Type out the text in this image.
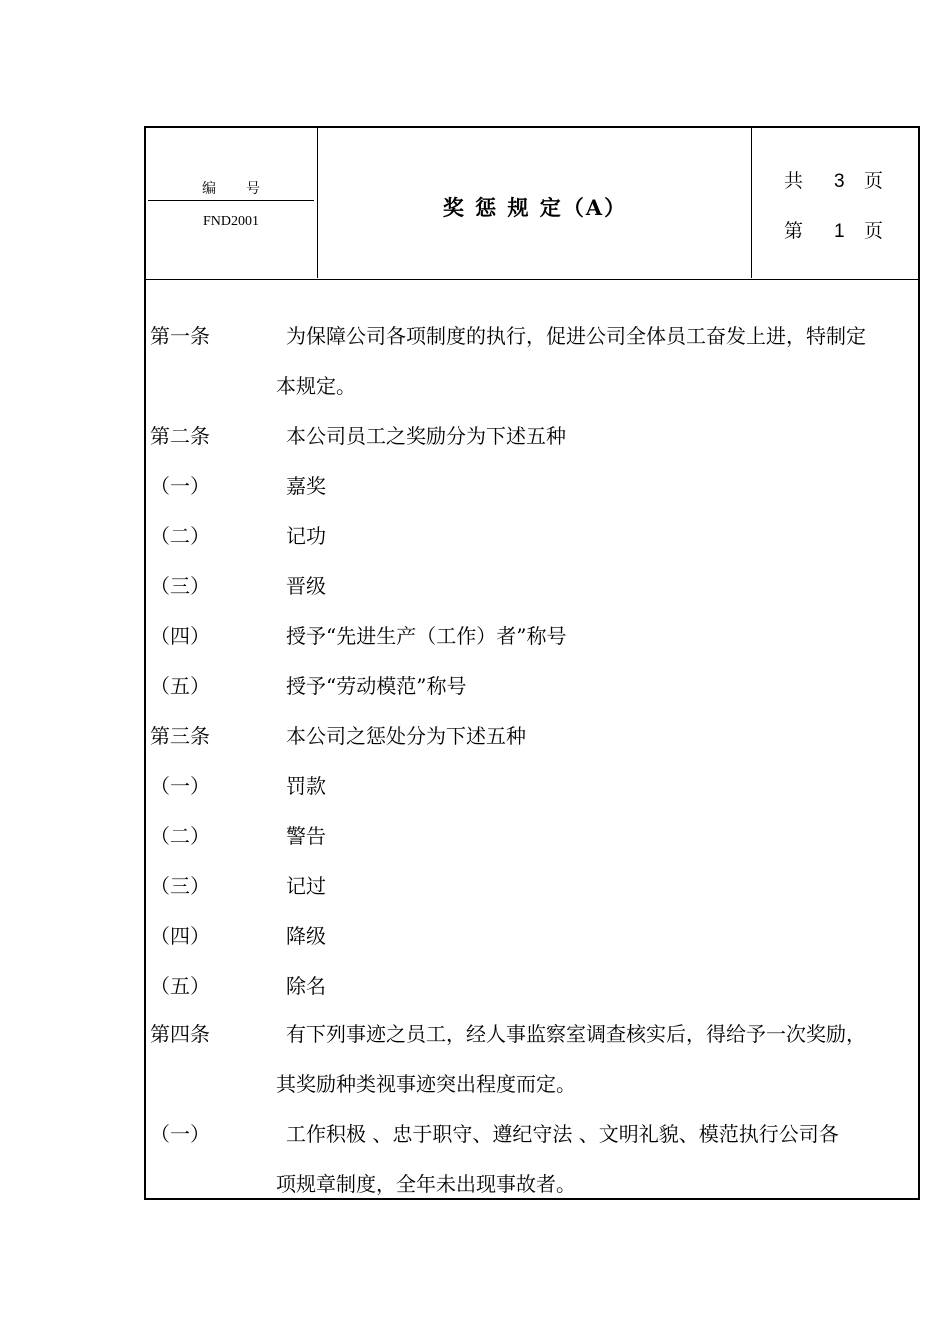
编号
FND2001
奖 惩 规 定（A）
共 3 页
第 1 页
第一条	为保障公司各项制度的执行，促进公司全体员工奋发上进，特制定
本规定。
第二条	本公司员工之奖励分为下述五种
（一）	嘉奖
（二）	记功
（三）	晋级
（四）	授予“先进生产（工作）者”称号
（五）	授予“劳动模范”称号
第三条	本公司之惩处分为下述五种
（一）	罚款
（二）	警告
（三）	记过
（四）	降级
（五）	除名
第四条	有下列事迹之员工，经人事监察室调查核实后，得给予一次奖励，
其奖励种类视事迹突出程度而定。
（一）	工作积极 、忠于职守、遵纪守法 、文明礼貌、模范执行公司各
项规章制度，全年未出现事故者。
